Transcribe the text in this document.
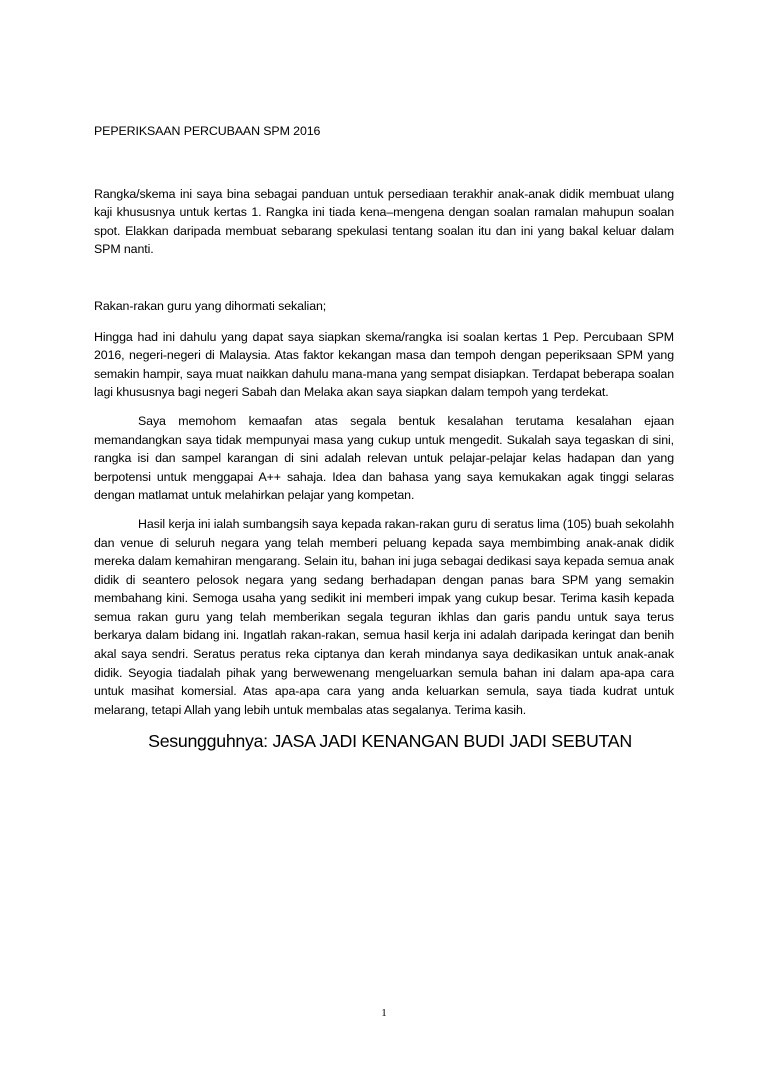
PEPERIKSAAN PERCUBAAN SPM 2016

Rangka/skema ini saya bina sebagai panduan untuk persediaan terakhir anak-anak didik membuat ulang kaji khususnya untuk kertas 1. Rangka ini tiada kena–mengena dengan soalan ramalan mahupun soalan spot. Elakkan daripada membuat sebarang spekulasi tentang soalan itu dan ini yang bakal keluar dalam SPM nanti.

Rakan-rakan guru yang dihormati sekalian;

Hingga had ini dahulu yang dapat saya siapkan skema/rangka isi soalan kertas 1 Pep. Percubaan SPM 2016, negeri-negeri di Malaysia. Atas faktor kekangan masa dan tempoh dengan peperiksaan SPM yang semakin hampir, saya muat naikkan dahulu mana-mana yang sempat disiapkan. Terdapat beberapa soalan lagi khususnya bagi negeri Sabah dan Melaka akan saya siapkan dalam tempoh yang terdekat.

Saya memohom kemaafan atas segala bentuk kesalahan terutama kesalahan ejaan memandangkan saya tidak mempunyai masa yang cukup untuk mengedit. Sukalah saya tegaskan di sini, rangka isi dan sampel karangan di sini adalah relevan untuk pelajar-pelajar kelas hadapan dan yang berpotensi untuk menggapai A++ sahaja. Idea dan bahasa yang saya kemukakan agak tinggi selaras dengan matlamat untuk melahirkan pelajar yang kompetan.

Hasil kerja ini ialah sumbangsih saya kepada rakan-rakan guru di seratus lima (105) buah sekolahh dan venue di seluruh negara yang telah memberi peluang kepada saya membimbing anak-anak didik mereka dalam kemahiran mengarang. Selain itu, bahan ini juga sebagai dedikasi saya kepada semua anak didik di seantero pelosok negara yang sedang berhadapan dengan panas bara SPM yang semakin membahang kini. Semoga usaha yang sedikit ini memberi impak yang cukup besar. Terima kasih kepada semua rakan guru yang telah memberikan segala teguran ikhlas dan garis pandu untuk saya terus berkarya dalam bidang ini. Ingatlah rakan-rakan, semua hasil kerja ini adalah daripada keringat dan benih akal saya sendri. Seratus peratus reka ciptanya dan kerah mindanya saya dedikasikan untuk anak-anak didik. Seyogia tiadalah pihak yang berwewenang mengeluarkan semula bahan ini dalam apa-apa cara untuk masihat komersial. Atas apa-apa cara yang anda keluarkan semula, saya tiada kudrat untuk melarang, tetapi Allah yang lebih untuk membalas atas segalanya. Terima kasih.

Sesungguhnya: JASA JADI KENANGAN BUDI JADI SEBUTAN

1
